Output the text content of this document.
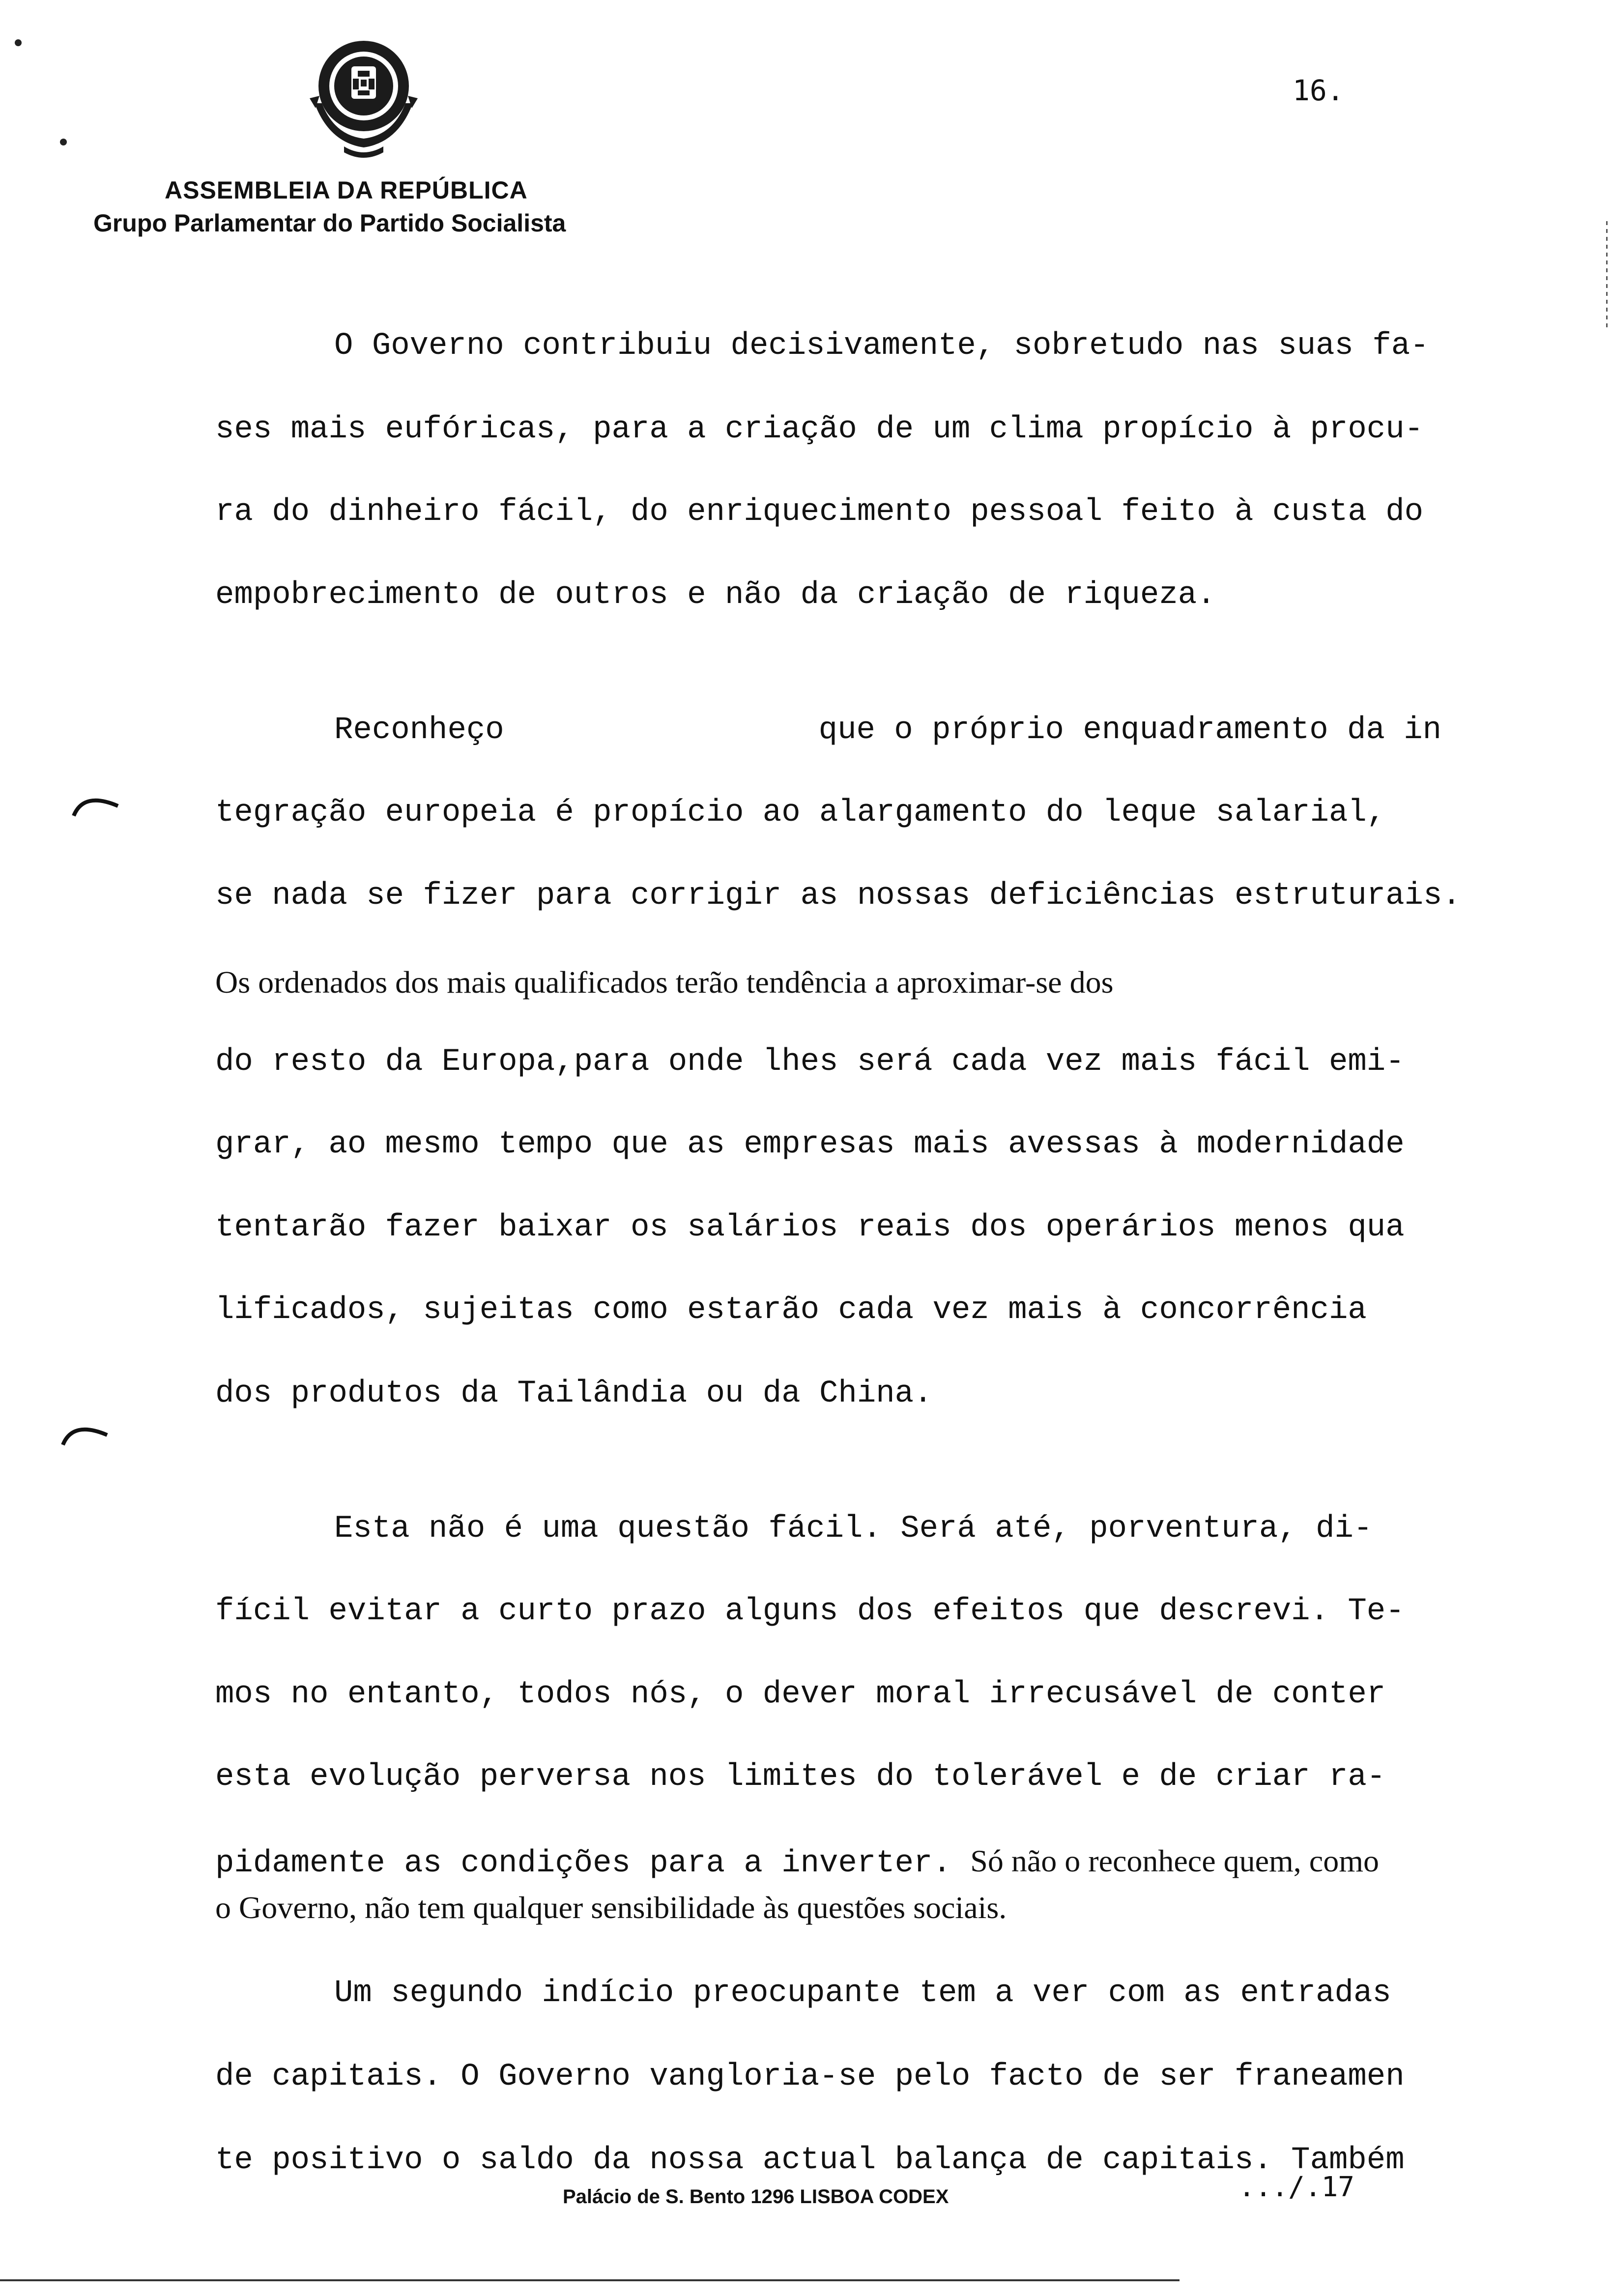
ASSEMBLEIA DA REPÚBLICA
Grupo Parlamentar do Partido Socialista
16.
O Governo contribuiu decisivamente, sobretudo nas suas fa-
ses mais eufóricas, para a criação de um clima propício à procu-
ra do dinheiro fácil, do enriquecimento pessoal feito à custa do
empobrecimento de outros e não da criação de riqueza.
Reconheço	que o próprio enquadramento da in
tegração europeia é propício ao alargamento do leque salarial,
se nada se fizer para corrigir as nossas deficiências estruturais.
Os ordenados dos mais qualificados terão tendência a aproximar-se dos
do resto da Europa,para onde lhes será cada vez mais fácil emi-
grar, ao mesmo tempo que as empresas mais avessas à modernidade
tentarão fazer baixar os salários reais dos operários menos qua
lificados, sujeitas como estarão cada vez mais à concorrência
dos produtos da Tailândia ou da China.
Esta não é uma questão fácil. Será até, porventura, di-
fícil evitar a curto prazo alguns dos efeitos que descrevi. Te-
mos no entanto, todos nós, o dever moral irrecusável de conter
esta evolução perversa nos limites do tolerável e de criar ra-
pidamente as condições para a inverter. Só não o reconhece quem, como
o Governo, não tem qualquer sensibilidade às questões sociais.
Um segundo indício preocupante tem a ver com as entradas
de capitais. O Governo vangloria-se pelo facto de ser franeamen
te positivo o saldo da nossa actual balança de capitais. Também
Palácio de S. Bento 1296 LISBOA CODEX	.../.17
